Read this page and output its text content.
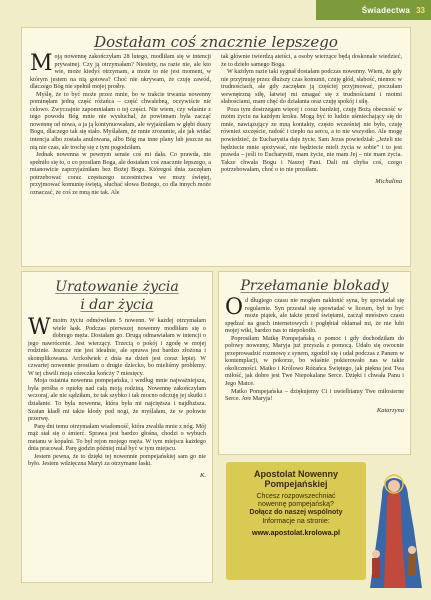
Świadectwa 33
Dostałam coś znacznie lepszego

Moją nowennę zakończyłam 28 lutego, modliłam się w intencji prywatnej. Czy ją otrzymałam? Niestety, na razie nie, ale kto wie, może kiedyś otrzymam, a może to nie jest moment, w którym jestem na nią gotowa? Choć nie ukrywam, że czuję zawód, dlaczego Bóg nie spełnił mojej prośby.

Myślę, że to być może przez mnie, bo w trakcie trwania nowenny pominęłam jedną część różańca – część chwalebną, oczywiście nie celowo. Zwyczajnie zapomniałam o tej części. Nie wiem, czy właśnie z tego powodu Bóg mnie nie wysłuchał, że powinnam była zacząć nowennę od nowa, a ja ją kontynuowałam, ale wyjaśniłam w głębi duszy Bogu, dlaczego tak się stało. Myślałam, że mnie zrozumie, ale jak widać intencja albo została anulowana, albo Bóg ma inne plany lub jeszcze na nią nie czas, ale trochę się z tym pogodziłam.

Jednak nowenna w pewnym sensie coś mi dała. Co prawda, nie spełniło się to, o co prosiłam Boga, ale dostałam coś znacznie lepszego, a mianowicie zaprzyjaźniłam bez Bożej Bogu. Któregoś dnia zaczęłam potrzebować coraz częstszego uczestnictwa we mszy świętej, przyjmować komunię świętą, słuchać słowa Bożego, co dla innych może oznaczać, że coś ze mną nie tak. Ale

tak głównie twierdzą ateiści, a osoby wierzące będą doskonale wiedzieć, że to dzieło samego Boga.

W każdym razie taki sygnał dostałam podczas nowenny. Wiem, że gdy nie przyjmuję przez dłuższy czas komunii, czuję głód, słabość, niemoc w trudnościach, ale gdy zaczęłam ją częściej przyjmować, poczułam wewnętrzną siłę, łatwiej mi zmagać się z trudnościami i moimi słabościami, mam chęć do działania oraz czuję spokój i siłę.

Poza tym dostrzegam więcej i coraz bardziej, czuję Bożą obecność w moim życiu na każdym kroku. Mogą być to ludzie uśmiechający się do mnie, nawiązujący ze mną kontakty, często wcześniej nie było, czuję również szczęście, radość i ciepło na sercu, a to nie wszystko. Ale mogę powiedzieć, że Eucharystia daje życie. Sam Jezus powiedział: „Jeżeli nie będziecie mnie spożywać, nie będziecie mieli życia w sobie” i to jest prawda – jeśli to Eucharystii, mam życie, nie mam Jej – nie mam życia. Takze chwała Bogu i Naszej Pani. Dali mi chyba coś, czego potrzebowałam, choć o to nie prosiłam.

Michalina
Uratowanie życia
i dar życia

Wmoim życiu odmówiłam 5 nowenn. W każdej otrzymałam wiele łask. Podczas pierwszej nowenny modliłam się o dobrego męża. Dostałam go. Drugą odmawiałam w intencji o jego nawrócenie. Jest wierzący. Trzecią o pokój i zgodę w mojej rodzinie. Jeszcze nie jest idealnie, ale sprawa jest bardzo złożona i skomplikowana. Arckołwiek z dnia na dzień jest coraz lepiej. W czwartej nowennie prosiłam o drugie dziecko, bo mieliśmy problemy. W tej chwili moja córeczka kończy 7 miesięcy.

Moja ostatnia nowenna pompejańska, i według mnie najważniejsza, była prośba o opiekę nad całą moją rodziną. Nowennę zakończyłam wczoraj, ale nie sądziłam, że tak szybko i tak mocno odczuję jej skutki i działanie. To była nowenna, która była mi najcięższa i najdłuższa. Szatan kładł mi takie kłody pod nogi, że myślałam, że w połowie przerwę.

Parę dni temu otrzymałam wiadomość, która zwaliła mnie z nóg. Mój mąż stał się o śmierć. Sprawa jest bardzo głośna, chodzi o wybuch metanu w kopalni. To był rejon mojego męża. W tym miejscu każdego dnia pracował. Parę godzin później miał być w tym miejscu.

Jestem pewna, że to dzięki tej nowennie pompejańskiej sam go nie było. Jestem wdzięczna Maryi za otrzymane łaski.

K.
Przełamanie blokady

Od długiego czasu nie mogłam nakłonić syna, by spowiadał się regularnie. Syn przestał się spowiadać w liceum, był to być może piątek, ale także przed świętami, zaczął mnóstwo czasu spędzać na grach internetowych i pogłębiał okłamał mi, że nie lubi mojej wiki, bardzo nas to niepokoiło.

Poprosiłam Matkę Pompejańską o pomoc i gdy dochodziłam do połowy nowenny, Maryja już przyszła z pomocą. Udało się owocnie przeprowadzić rozmowę z synem, zgodził się i udał podczas z Panem w kontemplacji, w pokorze, bo właśnie pokierowało nas w takie okoliczności. Matko i Królowo Różańca Świętego, jak piękna jest Twa miłość, jak dobre jest Twe Niepokalane Serce. Dzięki i chwała Panu i Jego Matce.

Matko Pompejańska – dziękujemy Ci i uwielbiamy Twe miłosierne Serce. Ave Maryja!

Katarzyna
Apostolat Nowenny
Pompejańskiej
Chcesz rozpowszechniać
nowennę pompejańską?
Dołącz do naszej wspólnoty
Informacje na stronie:
www.apostolat.krolowa.pl
